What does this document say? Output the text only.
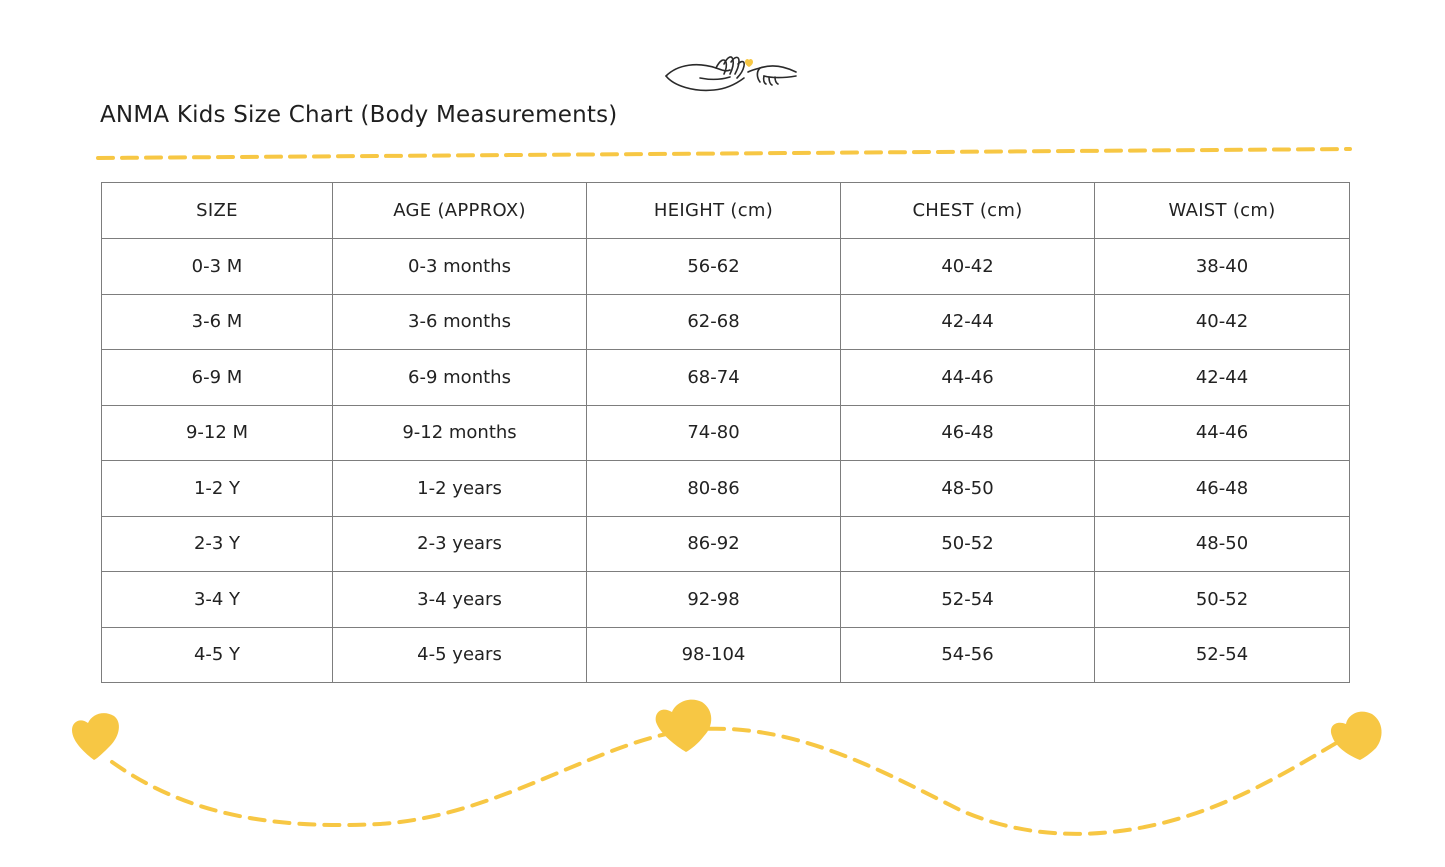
ANMA Kids Size Chart (Body Measurements)
SIZE	AGE (APPROX)	HEIGHT (cm)	CHEST (cm)	WAIST (cm)
0-3 M	0-3 months	56-62	40-42	38-40
3-6 M	3-6 months	62-68	42-44	40-42
6-9 M	6-9 months	68-74	44-46	42-44
9-12 M	9-12 months	74-80	46-48	44-46
1-2 Y	1-2 years	80-86	48-50	46-48
2-3 Y	2-3 years	86-92	50-52	48-50
3-4 Y	3-4 years	92-98	52-54	50-52
4-5 Y	4-5 years	98-104	54-56	52-54
